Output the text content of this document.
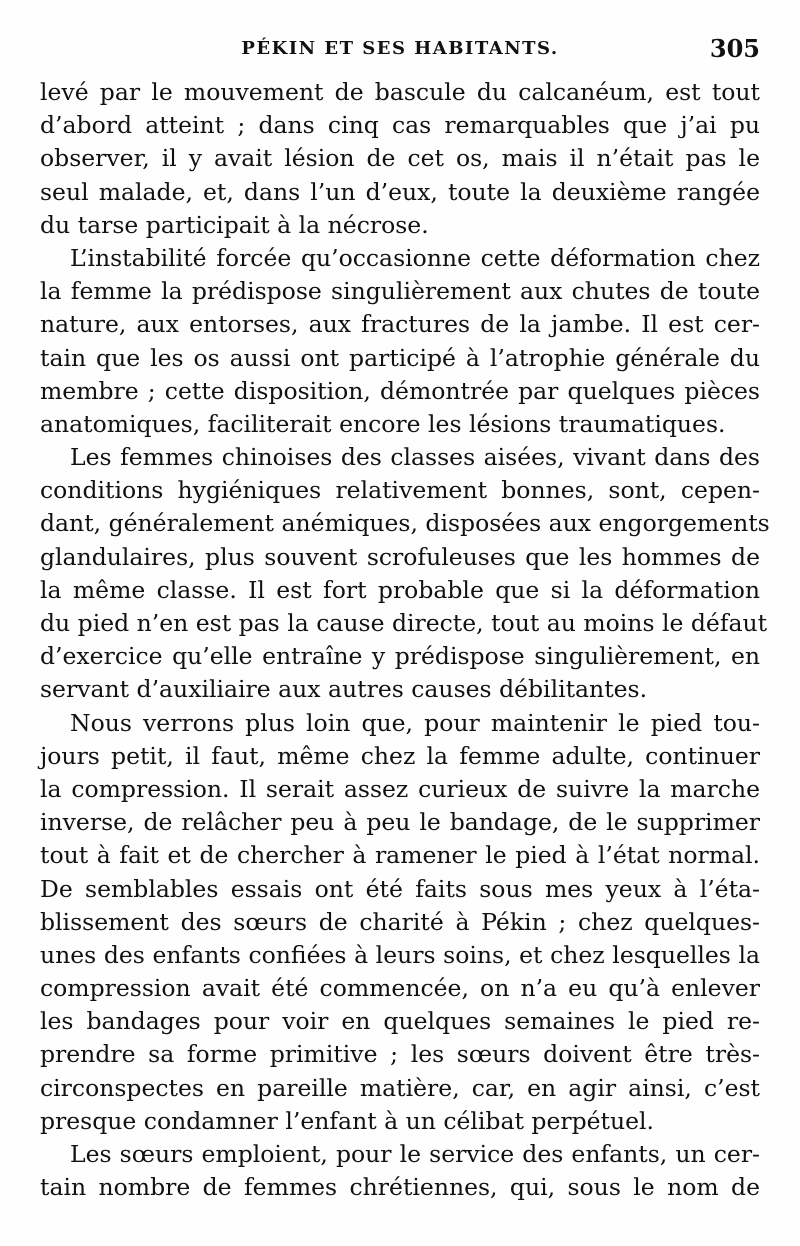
PÉKIN ET SES HABITANTS.	305
levé par le mouvement de bascule du calcanéum, est tout
d’abord atteint ; dans cinq cas remarquables que j’ai pu
observer, il y avait lésion de cet os, mais il n’était pas le
seul malade, et, dans l’un d’eux, toute la deuxième rangée
du tarse participait à la nécrose.
L’instabilité forcée qu’occasionne cette déformation chez
la femme la prédispose singulièrement aux chutes de toute
nature, aux entorses, aux fractures de la jambe. Il est cer-
tain que les os aussi ont participé à l’atrophie générale du
membre ; cette disposition, démontrée par quelques pièces
anatomiques, faciliterait encore les lésions traumatiques.
Les femmes chinoises des classes aisées, vivant dans des
conditions hygiéniques relativement bonnes, sont, cepen-
dant, généralement anémiques, disposées aux engorgements
glandulaires, plus souvent scrofuleuses que les hommes de
la même classe. Il est fort probable que si la déformation
du pied n’en est pas la cause directe, tout au moins le défaut
d’exercice qu’elle entraîne y prédispose singulièrement, en
servant d’auxiliaire aux autres causes débilitantes.
Nous verrons plus loin que, pour maintenir le pied tou-
jours petit, il faut, même chez la femme adulte, continuer
la compression. Il serait assez curieux de suivre la marche
inverse, de relâcher peu à peu le bandage, de le supprimer
tout à fait et de chercher à ramener le pied à l’état normal.
De semblables essais ont été faits sous mes yeux à l’éta-
blissement des sœurs de charité à Pékin ; chez quelques-
unes des enfants confiées à leurs soins, et chez lesquelles la
compression avait été commencée, on n’a eu qu’à enlever
les bandages pour voir en quelques semaines le pied re-
prendre sa forme primitive ; les sœurs doivent être très-
circonspectes en pareille matière, car, en agir ainsi, c’est
presque condamner l’enfant à un célibat perpétuel.
Les sœurs emploient, pour le service des enfants, un cer-
tain nombre de femmes chrétiennes, qui, sous le nom de
